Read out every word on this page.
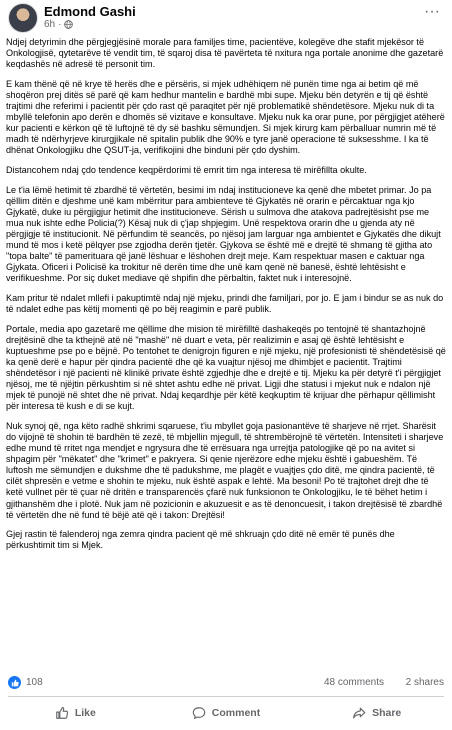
Edmond Gashi
6h ·
···

Ndjej detyrimin dhe përgjegjësinë morale para familjes time, pacientëve, kolegëve dhe stafit mjekësor të Onkologjisë, qytetarëve të vendit tim, të sqaroj disa të pavërteta të nxitura nga portale anonime dhe gazetarë keqdashës në adresë të personit tim.

E kam thënë që në krye të herës dhe e përsëris, si mjek udhëhiqem në punën time nga ai betim që më shoqëron prej ditës së parë që kam hedhur mantelin e bardhë mbi supe. Mjeku bën detyrën e tij që është trajtimi dhe referimi i pacientit për çdo rast që paraqitet për një problematikë shëndetësore. Mjeku nuk di ta mbyllë telefonin apo derën e dhomës së vizitave e konsultave. Mjeku nuk ka orar pune, por përgjigjet atëherë kur pacienti e kërkon që të luftojnë të dy së bashku sëmundjen. Si mjek kirurg kam përballuar numrin më të madh të ndërhyrjeve kirurgjikale në spitalin publik dhe 90% e tyre janë operacione të suksesshme. I ka të dhënat Onkologjiku dhe QSUT-ja, verifikojini dhe binduni për çdo dyshim.

Distancohem ndaj çdo tendence keqpërdorimi të emrit tim nga interesa të mirëfillta okulte.

Le t'ia lëmë hetimit të zbardhë të vërtetën, besimi im ndaj institucioneve ka qenë dhe mbetet primar. Jo pa qëllim ditën e djeshme unë kam mbërritur para ambienteve të Gjykatës në orarin e përcaktuar nga kjo Gjykatë, duke iu përgjigjur hetimit dhe institucioneve. Sërish u sulmova dhe atakova padrejtësisht pse me mua nuk ishte edhe Policia(?) Kësaj nuk di ç'jap shpjegim. Unë respektova orarin dhe u gjenda aty në përgjigje të institucionit. Në përfundim të seancës, po njësoj jam larguar nga ambientet e Gjykatës dhe dikujt mund të mos i ketë pëlqyer pse zgjodha derën tjetër. Gjykova se është më e drejtë të shmang të gjitha ato "topa balte" të pamerituara që janë lëshuar e lëshohen drejt meje. Kam respektuar masen e caktuar nga Gjykata. Oficeri i Policisë ka trokitur në derën time dhe unë kam qenë në banesë, është lehtësisht e verifikueshme. Por siç duket mediave që shpifin dhe përbaltin, faktet nuk i interesojnë.

Kam pritur të ndalet mllefi i pakuptimtë ndaj një mjeku, prindi dhe familjari, por jo. E jam i bindur se as nuk do të ndalet edhe pas këtij momenti që po bëj reagimin e parë publik.

Portale, media apo gazetarë me qëllime dhe mision të mirëfilltë dashakeqës po tentojnë të shantazhojnë drejtësinë dhe ta kthejnë atë në "mashë" në duart e veta, për realizimin e asaj që është lehtësisht e kuptueshme pse po e bëjnë. Po tentohet te denigrojn figuren e një mjeku, një profesionisti të shëndetësisë që ka qenë derë e hapur për qindra pacientë dhe që ka vuajtur njësoj me dhimbjet e pacientit. Trajtimi shëndetësor i një pacienti në klinikë private është zgjedhje dhe e drejtë e tij. Mjeku ka për detyrë t'i përgjigjet njësoj, me të njëjtin përkushtim si në shtet ashtu edhe në privat. Ligji dhe statusi i mjekut nuk e ndalon një mjek të punojë në shtet dhe në privat. Ndaj keqardhje për këtë keqkuptim të krijuar dhe përhapur qëllimisht për interesa të kush e di se kujt.

Nuk synoj që, nga këto radhë shkrimi sqaruese, t'iu mbyllet goja pasionantëve të sharjeve në rrjet. Sharësit do vijojnë të shohin të bardhën të zezë, të mbjellin mjegull, të shtrembërojnë të vërtetën. Intensiteti i sharjeve edhe mund të rritet nga mendjet e ngrysura dhe të errësuara nga urrejtja patologjike që po na avitet si shpagim për "mëkatet" dhe "krimet" e pakryera. Si qenie njerëzore edhe mjeku është i gabueshëm. Të luftosh me sëmundjen e dukshme dhe të padukshme, me plagët e vuajtjes çdo ditë, me qindra pacientë, të cilët shpresën e vetme e shohin te mjeku, nuk është aspak e lehtë. Ma besoni! Po të trajtohet drejt dhe të ketë vullnet për të çuar në dritën e transparencës çfarë nuk funksionon te Onkologjiku, le të bëhet hetim i gjithanshëm dhe i plotë. Nuk jam në pozicionin e akuzuesit e as të denoncuesit, i takon drejtësisë të zbardhë të vërtetën dhe në fund të bëjë atë që i takon: Drejtësi!

Gjej rastin të falenderoj nga zemra qindra pacient që më shkruajn çdo ditë në emër të punës dhe përkushtimit tim si Mjek.

108	48 comments 2 shares
Like	Comment	Share
